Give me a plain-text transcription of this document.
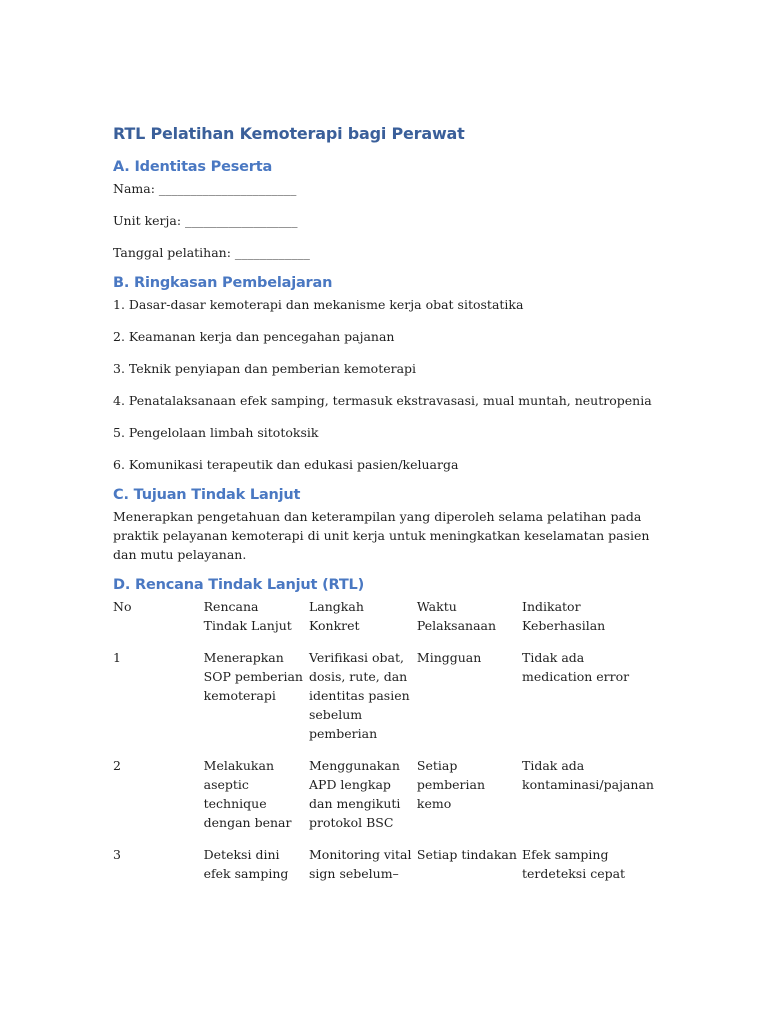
RTL Pelatihan Kemoterapi bagi Perawat
A. Identitas Peserta

Nama: ______________________

Unit kerja: __________________

Tanggal pelatihan: ____________

B. Ringkasan Pembelajaran

1. Dasar-dasar kemoterapi dan mekanisme kerja obat sitostatika

2. Keamanan kerja dan pencegahan pajanan

3. Teknik penyiapan dan pemberian kemoterapi

4. Penatalaksanaan efek samping, termasuk ekstravasasi, mual muntah, neutropenia

5. Pengelolaan limbah sitotoksik

6. Komunikasi terapeutik dan edukasi pasien/keluarga

C. Tujuan Tindak Lanjut

Menerapkan pengetahuan dan keterampilan yang diperoleh selama pelatihan pada praktik pelayanan kemoterapi di unit kerja untuk meningkatkan keselamatan pasien dan mutu pelayanan.

D. Rencana Tindak Lanjut (RTL)
No	Rencana Tindak Lanjut	Langkah Konkret	Waktu Pelaksanaan	Indikator Keberhasilan
1	Menerapkan SOP pemberian kemoterapi	Verifikasi obat, dosis, rute, dan identitas pasien sebelum pemberian	Mingguan	Tidak ada medication error
2	Melakukan aseptic technique dengan benar	Menggunakan APD lengkap dan mengikuti protokol BSC	Setiap pemberian kemo	Tidak ada kontaminasi/pajanan
3	Deteksi dini efek samping	Monitoring vital sign sebelum–	Setiap tindakan	Efek samping terdeteksi cepat
